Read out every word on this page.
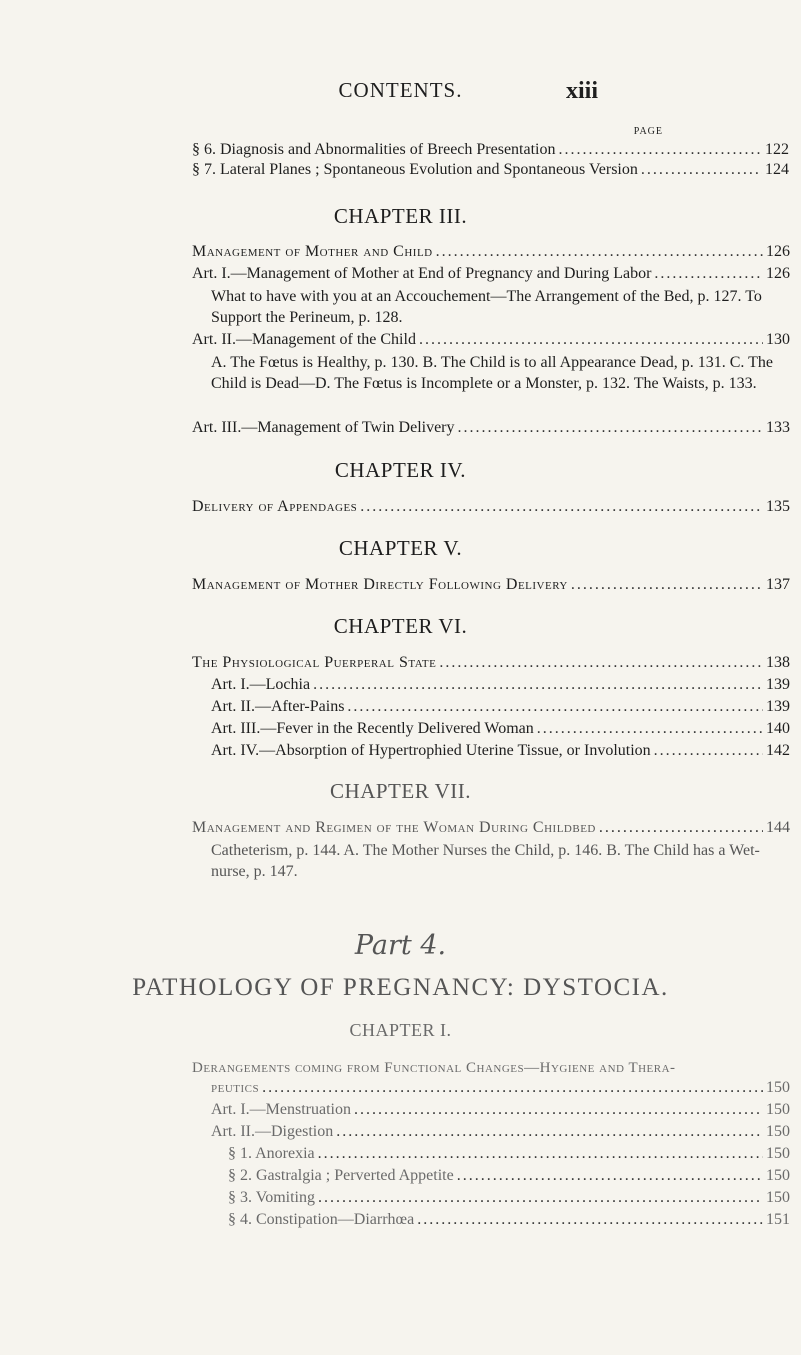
CONTENTS.	xiii
PAGE
§ 6. Diagnosis and Abnormalities of Breech Presentation .....	122
§ 7. Lateral Planes ; Spontaneous Evolution and Spontaneous Version .....	124
CHAPTER III.
Management of Mother and Child .....	126
Art. I.—Management of Mother at End of Pregnancy and During Labor .....	126
What to have with you at an Accouchement—The Arrangement of the Bed, p. 127. To Support the Perineum, p. 128.
Art. II.—Management of the Child .....	130
A. The Fœtus is Healthy, p. 130. B. The Child is to all Appearance Dead, p. 131. C. The Child is Dead—D. The Fœtus is Incomplete or a Monster, p. 132. The Waists, p. 133.
Art. III.—Management of Twin Delivery .....	133
CHAPTER IV.
Delivery of Appendages .....	135
CHAPTER V.
Management of Mother Directly Following Delivery .....	137
CHAPTER VI.
The Physiological Puerperal State .....	138
Art. I.—Lochia .....	139
Art. II.—After-Pains .....	139
Art. III.—Fever in the Recently Delivered Woman .....	140
Art. IV.—Absorption of Hypertrophied Uterine Tissue, or Involution .....	142
CHAPTER VII.
Management and Regimen of the Woman During Childbed .....	144
Catheterism, p. 144. A. The Mother Nurses the Child, p. 146. B. The Child has a Wet-nurse, p. 147.
Part 4.
PATHOLOGY OF PREGNANCY: DYSTOCIA.
CHAPTER I.
Derangements coming from Functional Changes—Hygiene and Thera-
peutics .....	150
Art. I.—Menstruation .....	150
Art. II.—Digestion .....	150
§ 1. Anorexia .....	150
§ 2. Gastralgia ; Perverted Appetite .....	150
§ 3. Vomiting .....	150
§ 4. Constipation—Diarrhœa .....	151
